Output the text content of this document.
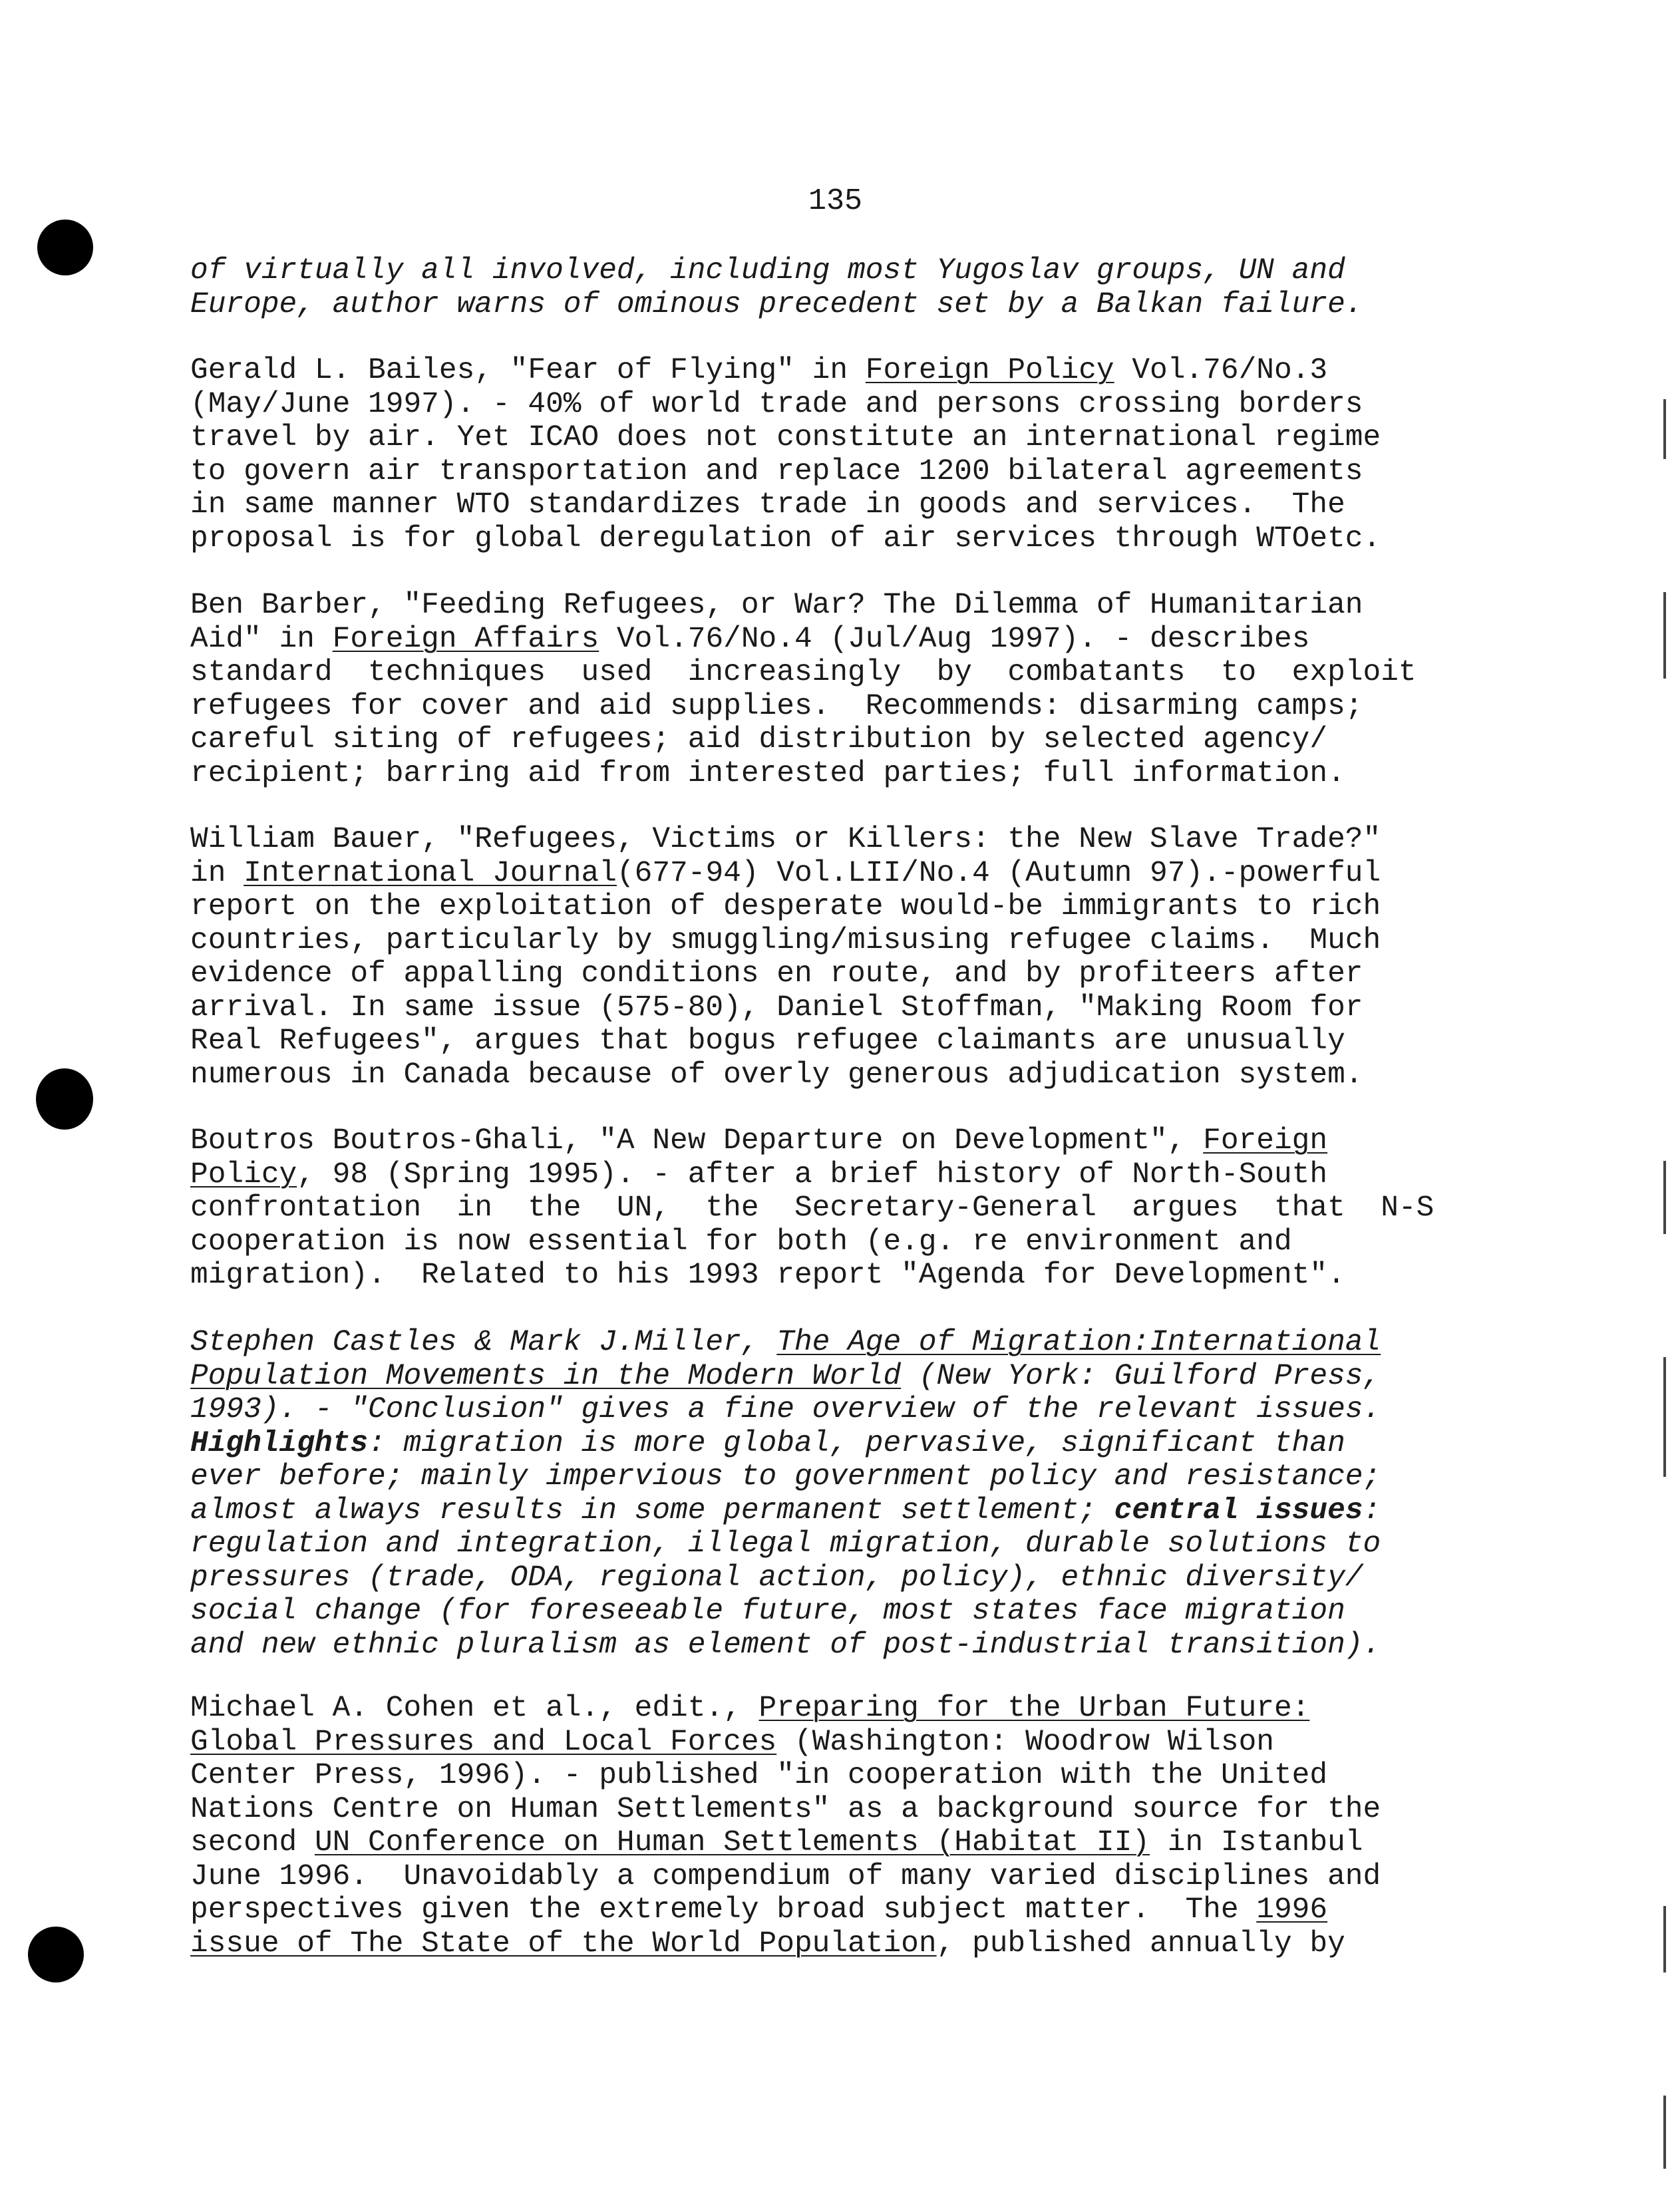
135
of virtually all involved, including most Yugoslav groups, UN and
Europe, author warns of ominous precedent set by a Balkan failure.
Gerald L. Bailes, "Fear of Flying" in Foreign Policy Vol.76/No.3
(May/June 1997). - 40% of world trade and persons crossing borders
travel by air. Yet ICAO does not constitute an international regime
to govern air transportation and replace 1200 bilateral agreements
in same manner WTO standardizes trade in goods and services.  The
proposal is for global deregulation of air services through WTOetc.
Ben Barber, "Feeding Refugees, or War? The Dilemma of Humanitarian
Aid" in Foreign Affairs Vol.76/No.4 (Jul/Aug 1997). - describes
standard  techniques  used  increasingly  by  combatants  to  exploit
refugees for cover and aid supplies.  Recommends: disarming camps;
careful siting of refugees; aid distribution by selected agency/
recipient; barring aid from interested parties; full information.
William Bauer, "Refugees, Victims or Killers: the New Slave Trade?"
in International Journal(677-94) Vol.LII/No.4 (Autumn 97).-powerful
report on the exploitation of desperate would-be immigrants to rich
countries, particularly by smuggling/misusing refugee claims.  Much
evidence of appalling conditions en route, and by profiteers after
arrival. In same issue (575-80), Daniel Stoffman, "Making Room for
Real Refugees", argues that bogus refugee claimants are unusually
numerous in Canada because of overly generous adjudication system.
Boutros Boutros-Ghali, "A New Departure on Development", Foreign
Policy, 98 (Spring 1995). - after a brief history of North-South
confrontation  in  the  UN,  the  Secretary-General  argues  that  N-S
cooperation is now essential for both (e.g. re environment and
migration).  Related to his 1993 report "Agenda for Development".
Stephen Castles & Mark J.Miller, The Age of Migration:International
Population Movements in the Modern World (New York: Guilford Press,
1993). - "Conclusion" gives a fine overview of the relevant issues.
Highlights: migration is more global, pervasive, significant than
ever before; mainly impervious to government policy and resistance;
almost always results in some permanent settlement; central issues:
regulation and integration, illegal migration, durable solutions to
pressures (trade, ODA, regional action, policy), ethnic diversity/
social change (for foreseeable future, most states face migration
and new ethnic pluralism as element of post-industrial transition).
Michael A. Cohen et al., edit., Preparing for the Urban Future:
Global Pressures and Local Forces (Washington: Woodrow Wilson
Center Press, 1996). - published "in cooperation with the United
Nations Centre on Human Settlements" as a background source for the
second UN Conference on Human Settlements (Habitat II) in Istanbul
June 1996.  Unavoidably a compendium of many varied disciplines and
perspectives given the extremely broad subject matter.  The 1996
issue of The State of the World Population, published annually by
